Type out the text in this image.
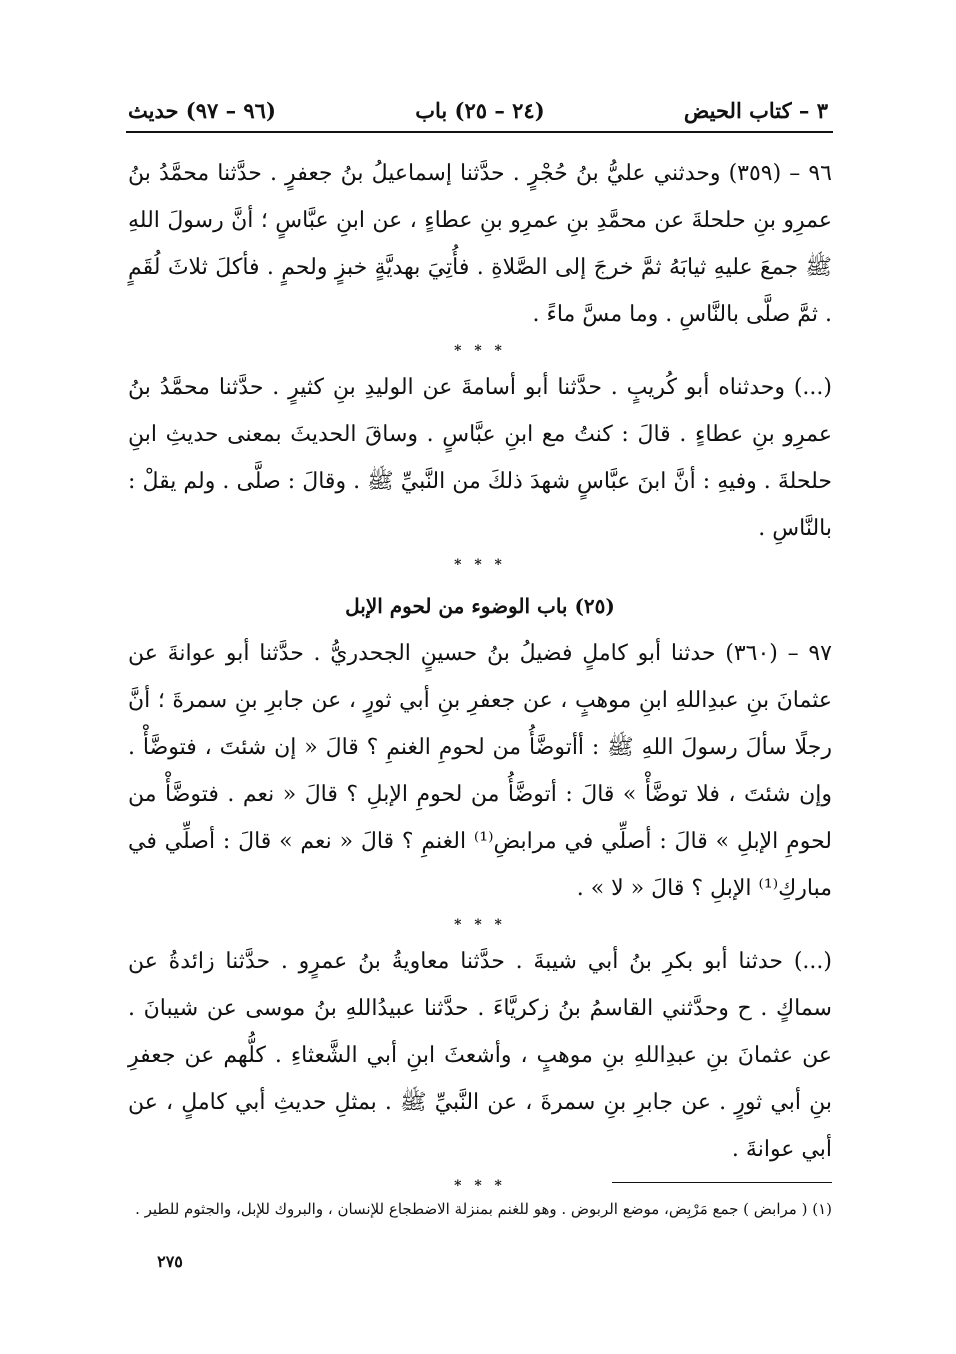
٣ – كتاب الحيض
(٢٤ – ٢٥) باب
(٩٦ – ٩٧) حديث

٩٦ – (٣٥٩) وحدثني عليُّ بنُ حُجْرٍ . حدَّثنا إسماعيلُ بنُ جعفرٍ . حدَّثنا محمَّدُ بنُ عمرِو بنِ حلحلةَ عن محمَّدِ بنِ عمرِو بنِ عطاءٍ ، عن ابنِ عبَّاسٍ ؛ أنَّ رسولَ اللهِ ﷺ جمعَ عليهِ ثيابَهُ ثمَّ خرجَ إلى الصَّلاةِ . فأُتِيَ بهديَّةٍ خبزٍ ولحمٍ . فأكلَ ثلاثَ لُقَمٍ . ثمَّ صلَّى بالنَّاسِ . وما مسَّ ماءً .

* * *

(...) وحدثناه أبو كُريبٍ . حدَّثنا أبو أسامةَ عن الوليدِ بنِ كثيرٍ . حدَّثنا محمَّدُ بنُ عمرِو بنِ عطاءٍ . قالَ : كنتُ مع ابنِ عبَّاسٍ . وساقَ الحديثَ بمعنى حديثِ ابنِ حلحلةَ . وفيهِ : أنَّ ابنَ عبَّاسٍ شهدَ ذلكَ من النَّبيِّ ﷺ . وقالَ : صلَّى . ولم يقلْ : بالنَّاسِ .

* * *

(٢٥) باب الوضوء من لحوم الإبل

٩٧ – (٣٦٠) حدثنا أبو كاملٍ فضيلُ بنُ حسينٍ الجحدريُّ . حدَّثنا أبو عوانةَ عن عثمانَ بنِ عبدِاللهِ ابنِ موهبٍ ، عن جعفرِ بنِ أبي ثورٍ ، عن جابرِ بنِ سمرةَ ؛ أنَّ رجلًا سألَ رسولَ اللهِ ﷺ : أأتوضَّأُ من لحومِ الغنمِ ؟ قالَ « إن شئتَ ، فتوضَّأْ . وإن شئتَ ، فلا توضَّأْ » قالَ : أتوضَّأُ من لحومِ الإبلِ ؟ قالَ « نعم . فتوضَّأْ من لحومِ الإبلِ » قالَ : أصلِّي في مرابضِ⁽¹⁾ الغنمِ ؟ قالَ « نعم » قالَ : أصلِّي في مباركِ⁽¹⁾ الإبلِ ؟ قالَ « لا » .

* * *

(...) حدثنا أبو بكرِ بنُ أبي شيبةَ . حدَّثنا معاويةُ بنُ عمرٍو . حدَّثنا زائدةُ عن سماكٍ . ح وحدَّثني القاسمُ بنُ زكريَّاءَ . حدَّثنا عبيدُاللهِ بنُ موسى عن شيبانَ . عن عثمانَ بنِ عبدِاللهِ بنِ موهبٍ ، وأشعثَ ابنِ أبي الشَّعثاءِ . كلُّهم عن جعفرِ بنِ أبي ثورٍ . عن جابرِ بنِ سمرةَ ، عن النَّبيِّ ﷺ . بمثلِ حديثِ أبي كاملٍ ، عن أبي عوانةَ .

* * *

(١) ( مرابض ) جمع مَرْبِض، موضع الربوض . وهو للغنم بمنزلة الاضطجاع للإنسان ، والبروك للإبل، والجثوم للطير .
٢٧٥
